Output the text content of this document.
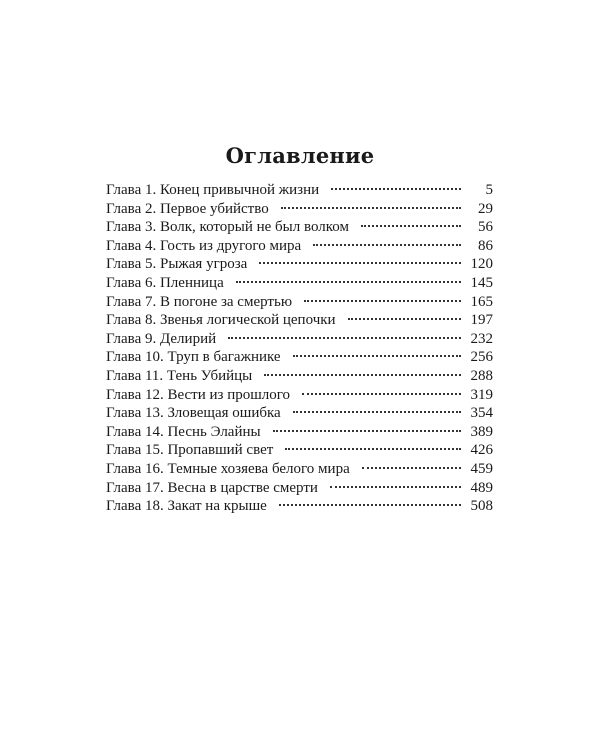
Оглавление
Глава 1. Конец привычной жизни	5
Глава 2. Первое убийство	29
Глава 3. Волк, который не был волком	56
Глава 4. Гость из другого мира	86
Глава 5. Рыжая угроза	120
Глава 6. Пленница	145
Глава 7. В погоне за смертью	165
Глава 8. Звенья логической цепочки	197
Глава 9. Делирий	232
Глава 10. Труп в багажнике	256
Глава 11. Тень Убийцы	288
Глава 12. Вести из прошлого	319
Глава 13. Зловещая ошибка	354
Глава 14. Песнь Элайны	389
Глава 15. Пропавший свет	426
Глава 16. Темные хозяева белого мира	459
Глава 17. Весна в царстве смерти	489
Глава 18. Закат на крыше	508
